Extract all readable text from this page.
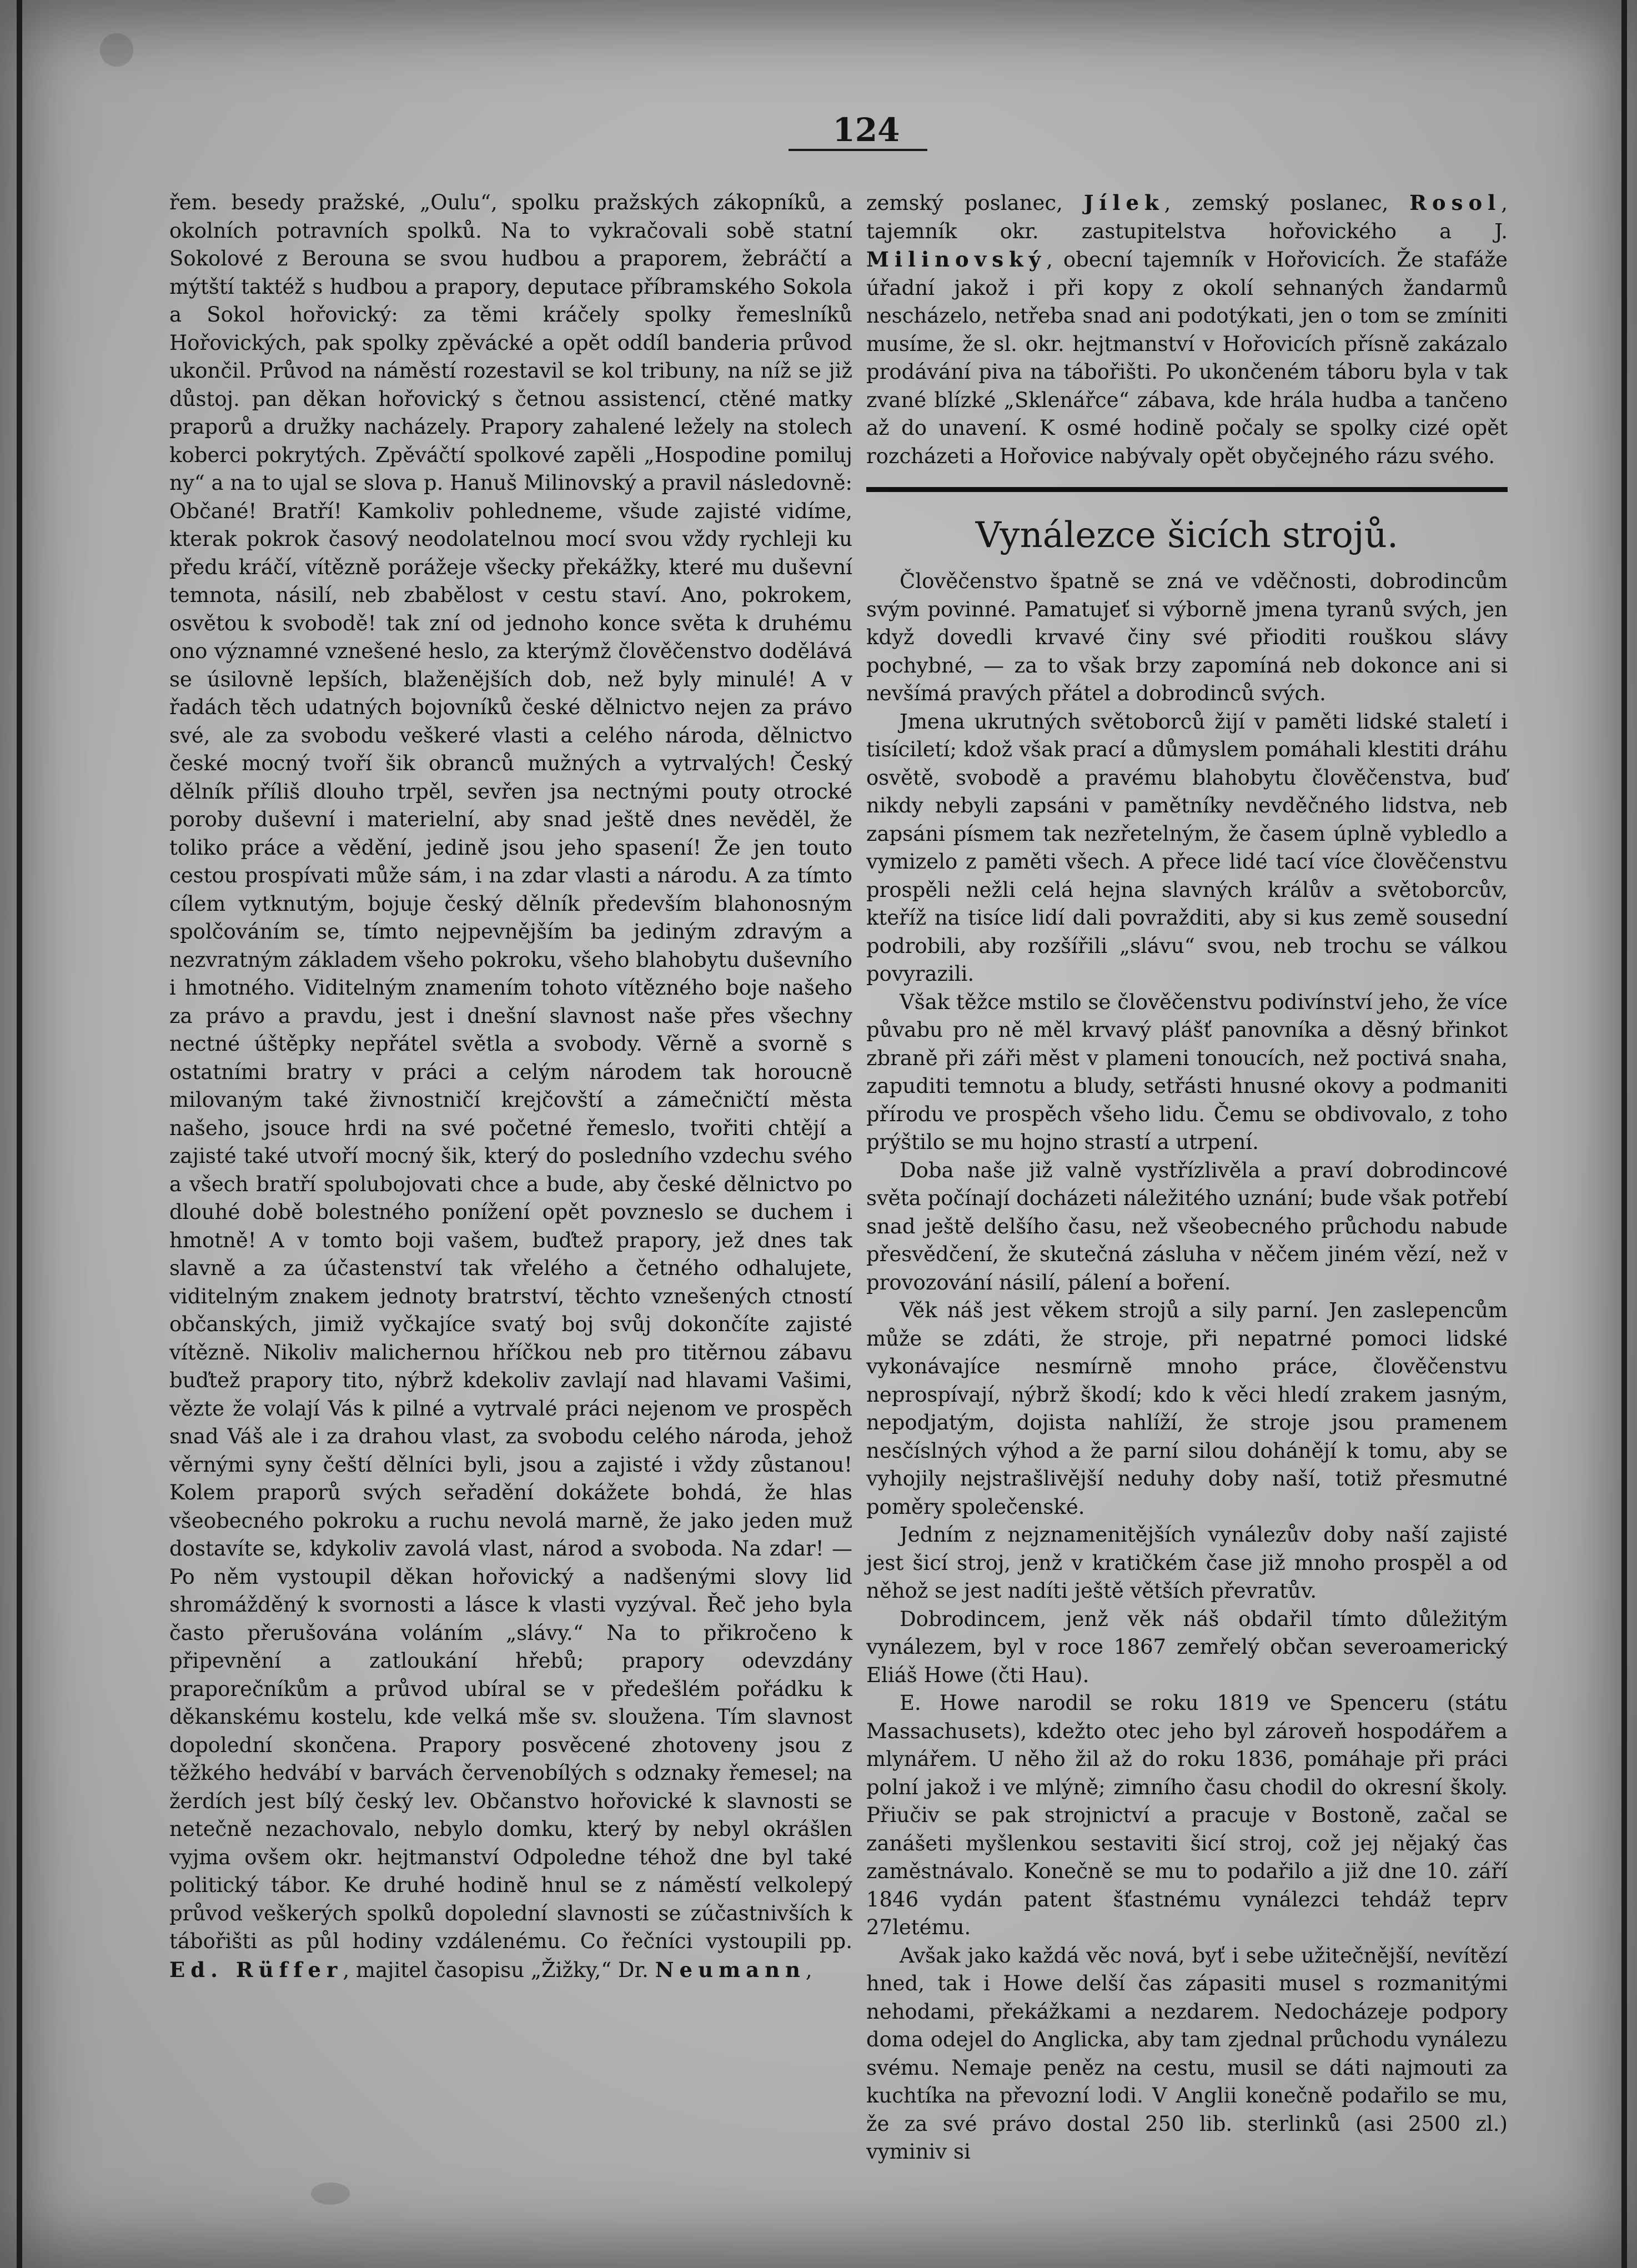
124

řem. besedy pražské, „Oulu“, spolku pražských zákopníků, a okolních potravních spolků. Na to vykračovali sobě statní Sokolové z Berouna se svou hudbou a praporem, žebráčtí a mýtští taktéž s hudbou a prapory, deputace příbramského Sokola a Sokol hořovický: za těmi kráčely spolky řemeslníků Hořovických, pak spolky zpěvácké a opět oddíl banderia průvod ukončil. Průvod na náměstí rozestavil se kol tribuny, na níž se již důstoj. pan děkan hořovický s četnou assistencí, ctěné matky praporů a družky nacházely. Prapory zahalené ležely na stolech koberci pokrytých. Zpěváčtí spolkové zapěli „Hospodine pomiluj ny“ a na to ujal se slova p. Hanuš Milinovský a pravil následovně: Občané! Bratří! Kamkoliv pohledneme, všude zajisté vidíme, kterak pokrok časový neodolatelnou mocí svou vždy rychleji ku předu kráčí, vítězně porážeje všecky překážky, které mu duševní temnota, násilí, neb zbabělost v cestu staví. Ano, pokrokem, osvětou k svobodě! tak zní od jednoho konce světa k druhému ono významné vznešené heslo, za kterýmž člověčenstvo dodělává se úsilovně lepších, blaženějších dob, než byly minulé! A v řadách těch udatných bojovníků české dělnictvo nejen za právo své, ale za svobodu veškeré vlasti a celého národa, dělnictvo české mocný tvoří šik obranců mužných a vytrvalých! Český dělník příliš dlouho trpěl, sevřen jsa nectnými pouty otrocké poroby duševní i materielní, aby snad ještě dnes nevěděl, že toliko práce a vědění, jedině jsou jeho spasení! Že jen touto cestou prospívati může sám, i na zdar vlasti a národu. A za tímto cílem vytknutým, bojuje český dělník především blahonosným spolčováním se, tímto nejpevnějším ba jediným zdravým a nezvratným základem všeho pokroku, všeho blahobytu duševního i hmotného. Viditelným znamením tohoto vítězného boje našeho za právo a pravdu, jest i dnešní slavnost naše přes všechny nectné úštěpky nepřátel světla a svobody. Věrně a svorně s ostatními bratry v práci a celým národem tak horoucně milovaným také živnostničí krejčovští a zámečničtí města našeho, jsouce hrdi na své početné řemeslo, tvořiti chtějí a zajisté také utvoří mocný šik, který do posledního vzdechu svého a všech bratří spolubojovati chce a bude, aby české dělnictvo po dlouhé době bolestného ponížení opět povzneslo se duchem i hmotně! A v tomto boji vašem, buďtež prapory, jež dnes tak slavně a za účastenství tak vřelého a četného odhalujete, viditelným znakem jednoty bratrství, těchto vznešených ctností občanských, jimiž vyčkajíce svatý boj svůj dokončíte zajisté vítězně. Nikoliv malichernou hříčkou neb pro titěrnou zábavu buďtež prapory tito, nýbrž kdekoliv zavlají nad hlavami Vašimi, vězte že volají Vás k pilné a vytrvalé práci nejenom ve prospěch snad Váš ale i za drahou vlast, za svobodu celého národa, jehož věrnými syny čeští dělníci byli, jsou a zajisté i vždy zůstanou! Kolem praporů svých seřadění dokážete bohdá, že hlas všeobecného pokroku a ruchu nevolá marně, že jako jeden muž dostavíte se, kdykoliv zavolá vlast, národ a svoboda. Na zdar! — Po něm vystoupil děkan hořovický a nadšenými slovy lid shromážděný k svornosti a lásce k vlasti vyzýval. Řeč jeho byla často přerušována voláním „slávy.“ Na to přikročeno k připevnění a zatloukání hřebů; prapory odevzdány praporečníkům a průvod ubíral se v předešlém pořádku k děkanskému kostelu, kde velká mše sv. sloužena. Tím slavnost dopolední skončena. Prapory posvěcené zhotoveny jsou z těžkého hedvábí v barvách červenobílých s odznaky řemesel; na žerdích jest bílý český lev. Občanstvo hořovické k slavnosti se netečně nezachovalo, nebylo domku, který by nebyl okrášlen vyjma ovšem okr. hejtmanství Odpoledne téhož dne byl také politický tábor. Ke druhé hodině hnul se z náměstí velkolepý průvod veškerých spolků dopolední slavnosti se zúčastnivších k tábořišti as půl hodiny vzdálenému. Co řečníci vystoupili pp. Ed. Rüffer, majitel časopisu „Žižky,“ Dr. Neumann,

zemský poslanec, Jílek, zemský poslanec, Rosol, tajemník okr. zastupitelstva hořovického a J. Milinovský, obecní tajemník v Hořovicích. Že stafáže úřadní jakož i při kopy z okolí sehnaných žandarmů nescházelo, netřeba snad ani podotýkati, jen o tom se zmíniti musíme, že sl. okr. hejtmanství v Hořovicích přísně zakázalo prodávání piva na tábořišti. Po ukončeném táboru byla v tak zvané blízké „Sklenářce“ zábava, kde hrála hudba a tančeno až do unavení. K osmé hodině počaly se spolky cizé opět rozcházeti a Hořovice nabývaly opět obyčejného rázu svého.

Vynálezce šicích strojů.

Člověčenstvo špatně se zná ve vděčnosti, dobrodincům svým povinné. Pamatujeť si výborně jmena tyranů svých, jen když dovedli krvavé činy své přioditi rouškou slávy pochybné, — za to však brzy zapomíná neb dokonce ani si nevšímá pravých přátel a dobrodinců svých.

Jmena ukrutných světoborců žijí v paměti lidské staletí i tisíciletí; kdož však prací a důmyslem pomáhali klestiti dráhu osvětě, svobodě a pravému blahobytu člověčenstva, buď nikdy nebyli zapsáni v pamětníky nevděčného lidstva, neb zapsáni písmem tak nezřetelným, že časem úplně vybledlo a vymizelo z paměti všech. A přece lidé tací více člověčenstvu prospěli nežli celá hejna slavných králův a světoborcův, kteříž na tisíce lidí dali povražditi, aby si kus země sousední podrobili, aby rozšířili „slávu“ svou, neb trochu se válkou povyrazili.

Však těžce mstilo se člověčenstvu podivínství jeho, že více půvabu pro ně měl krvavý plášť panovníka a děsný břinkot zbraně při záři měst v plameni tonoucích, než poctivá snaha, zapuditi temnotu a bludy, setřásti hnusné okovy a podmaniti přírodu ve prospěch všeho lidu. Čemu se obdivovalo, z toho prýštilo se mu hojno strastí a utrpení.

Doba naše již valně vystřízlivěla a praví dobrodincové světa počínají docházeti náležitého uznání; bude však potřebí snad ještě delšího času, než všeobecného průchodu nabude přesvědčení, že skutečná zásluha v něčem jiném vězí, než v provozování násilí, pálení a boření.

Věk náš jest věkem strojů a sily parní. Jen zaslepencům může se zdáti, že stroje, při nepatrné pomoci lidské vykonávajíce nesmírně mnoho práce, člověčenstvu neprospívají, nýbrž škodí; kdo k věci hledí zrakem jasným, nepodjatým, dojista nahlíží, že stroje jsou pramenem nesčíslných výhod a že parní silou dohánějí k tomu, aby se vyhojily nejstrašlivější neduhy doby naší, totiž přesmutné poměry společenské.

Jedním z nejznamenitějších vynálezův doby naší zajisté jest šicí stroj, jenž v kratičkém čase již mnoho prospěl a od něhož se jest nadíti ještě větších převratův.

Dobrodincem, jenž věk náš obdařil tímto důležitým vynálezem, byl v roce 1867 zemřelý občan severoamerický Eliáš Howe (čti Hau).

E. Howe narodil se roku 1819 ve Spenceru (státu Massachusets), kdežto otec jeho byl zároveň hospodářem a mlynářem. U něho žil až do roku 1836, pomáhaje při práci polní jakož i ve mlýně; zimního času chodil do okresní školy. Přiučiv se pak strojnictví a pracuje v Bostoně, začal se zanášeti myšlenkou sestaviti šicí stroj, což jej nějaký čas zaměstnávalo. Konečně se mu to podařilo a již dne 10. září 1846 vydán patent šťastnému vynálezci tehdáž teprv 27letému.

Avšak jako každá věc nová, byť i sebe užitečnější, nevítězí hned, tak i Howe delší čas zápasiti musel s rozmanitými nehodami, překážkami a nezdarem. Nedocházeje podpory doma odejel do Anglicka, aby tam zjednal průchodu vynálezu svému. Nemaje peněz na cestu, musil se dáti najmouti za kuchtíka na převozní lodi. V Anglii konečně podařilo se mu, že za své právo dostal 250 lib. sterlinků (asi 2500 zl.) vyminiv si
